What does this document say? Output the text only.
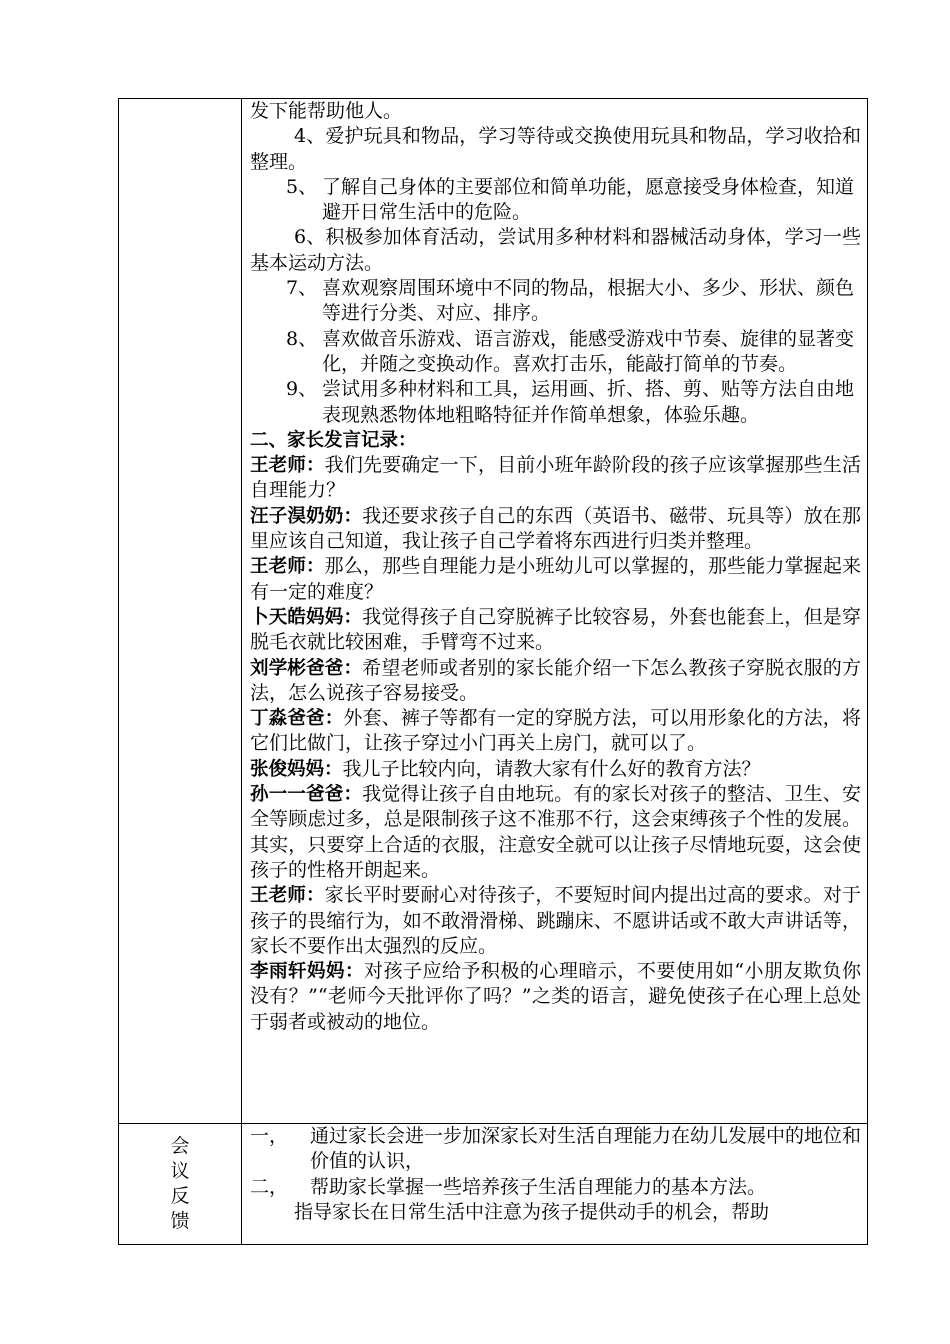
发下能帮助他人。

4、爱护玩具和物品，学习等待或交换使用玩具和物品，学习收拾和整理。

5、 了解自己身体的主要部位和简单功能，愿意接受身体检查，知道避开日常生活中的危险。

6、积极参加体育活动，尝试用多种材料和器械活动身体，学习一些基本运动方法。

7、 喜欢观察周围环境中不同的物品，根据大小、多少、形状、颜色等进行分类、对应、排序。

8、 喜欢做音乐游戏、语言游戏，能感受游戏中节奏、旋律的显著变化，并随之变换动作。喜欢打击乐，能敲打简单的节奏。

9、 尝试用多种材料和工具，运用画、折、搭、剪、贴等方法自由地表现熟悉物体地粗略特征并作简单想象，体验乐趣。

二、家长发言记录：

王老师：我们先要确定一下，目前小班年龄阶段的孩子应该掌握那些生活自理能力？

汪子淏奶奶：我还要求孩子自己的东西（英语书、磁带、玩具等）放在那里应该自己知道，我让孩子自己学着将东西进行归类并整理。

王老师：那么，那些自理能力是小班幼儿可以掌握的，那些能力掌握起来有一定的难度？

卜天皓妈妈：我觉得孩子自己穿脱裤子比较容易，外套也能套上，但是穿脱毛衣就比较困难，手臂弯不过来。

刘学彬爸爸：希望老师或者别的家长能介绍一下怎么教孩子穿脱衣服的方法，怎么说孩子容易接受。

丁淼爸爸：外套、裤子等都有一定的穿脱方法，可以用形象化的方法，将它们比做门，让孩子穿过小门再关上房门，就可以了。

张俊妈妈：我儿子比较内向，请教大家有什么好的教育方法？

孙一一爸爸：我觉得让孩子自由地玩。有的家长对孩子的整洁、卫生、安全等顾虑过多，总是限制孩子这不准那不行，这会束缚孩子个性的发展。其实，只要穿上合适的衣服，注意安全就可以让孩子尽情地玩耍，这会使孩子的性格开朗起来。

王老师：家长平时要耐心对待孩子，不要短时间内提出过高的要求。对于孩子的畏缩行为，如不敢滑滑梯、跳蹦床、不愿讲话或不敢大声讲话等，家长不要作出太强烈的反应。

李雨轩妈妈：对孩子应给予积极的心理暗示，不要使用如“小朋友欺负你没有？”“老师今天批评你了吗？”之类的语言，避免使孩子在心理上总处于弱者或被动的地位。

会
议
反
馈

一， 通过家长会进一步加深家长对生活自理能力在幼儿发展中的地位和价值的认识，

二， 帮助家长掌握一些培养孩子生活自理能力的基本方法。

指导家长在日常生活中注意为孩子提供动手的机会，帮助
